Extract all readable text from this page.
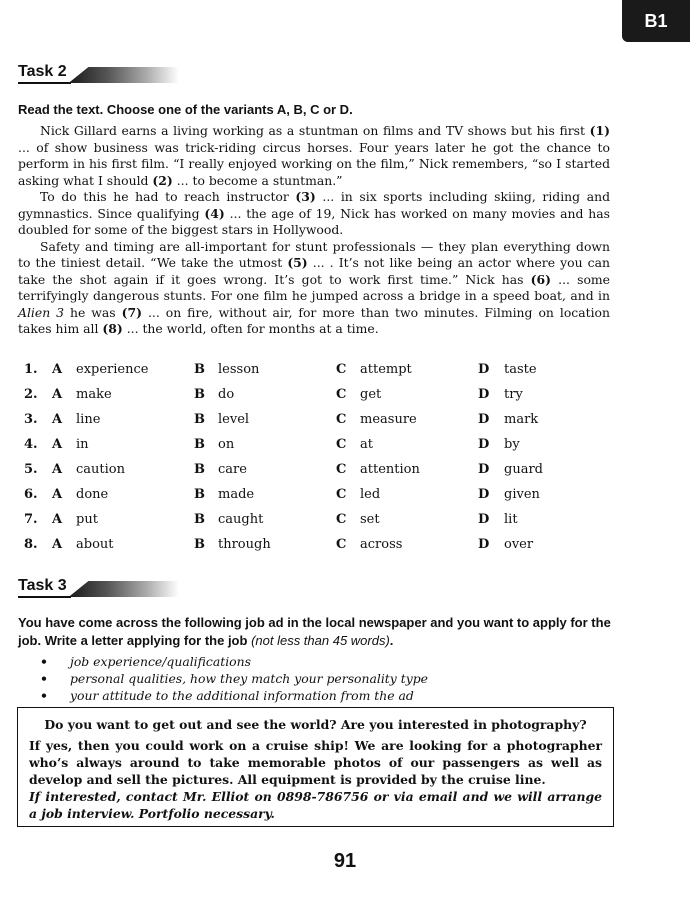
B1
Task 2

Read the text. Choose one of the variants A, B, C or D.

Nick Gillard earns a living working as a stuntman on films and TV shows but his first (1) ... of show business was trick-riding circus horses. Four years later he got the chance to perform in his first film. “I really enjoyed working on the film,” Nick remembers, “so I started asking what I should (2) ... to become a stuntman.”

To do this he had to reach instructor (3) ... in six sports including skiing, riding and gymnastics. Since qualifying (4) ... the age of 19, Nick has worked on many movies and has doubled for some of the biggest stars in Hollywood.

Safety and timing are all-important for stunt professionals — they plan everything down to the tiniest detail. “We take the utmost (5) ... . It’s not like being an actor where you can take the shot again if it goes wrong. It’s got to work first time.” Nick has (6) ... some terrifyingly dangerous stunts. For one film he jumped across a bridge in a speed boat, and in Alien 3 he was (7) ... on fire, without air, for more than two minutes. Filming on location takes him all (8) ... the world, often for months at a time.

1. A experience	B lesson	C attempt	D taste
2. A make	B do	C get	D try
3. A line	B level	C measure	D mark
4. A in	B on	C at	D by
5. A caution	B care	C attention	D guard
6. A done	B made	C led	D given
7. A put	B caught	C set	D lit
8. A about	B through	C across	D over
Task 3

You have come across the following job ad in the local newspaper and you want to apply for the job. Write a letter applying for the job (not less than 45 words).

• job experience/qualifications
• personal qualities, how they match your personality type
• your attitude to the additional information from the ad

Do you want to get out and see the world? Are you interested in photography?

If yes, then you could work on a cruise ship! We are looking for a photographer who’s always around to take memorable photos of our passengers as well as develop and sell the pictures. All equipment is provided by the cruise line.

If interested, contact Mr. Elliot on 0898-786756 or via email and we will arrange a job interview. Portfolio necessary.

91
